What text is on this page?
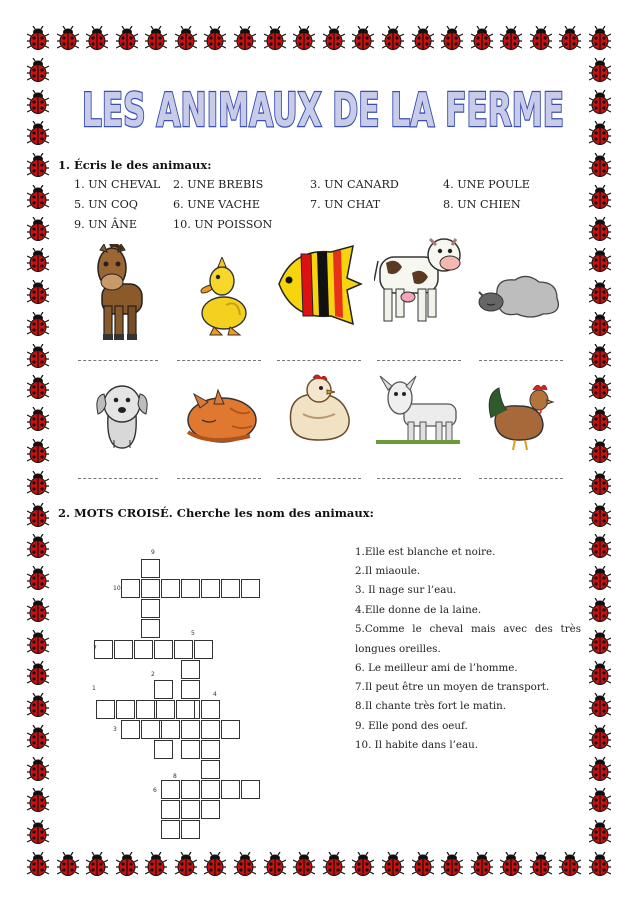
LES ANIMAUX DE LA FERME
1. Écris le des animaux:
1. UN CHEVAL 2. UNE BREBIS	3. UN CANARD	4. UNE POULE
5. UN COQ	6. UNE VACHE	7. UN CHAT	8. UN CHIEN
9. UN ÂNE	10. UN POISSON
2. MOTS CROISÉ. Cherche les nom des animaux:
9
10
5
7
2
1
4
3
8
6
1.Elle est blanche et noire.
2.Il miaoule.
3. Il nage sur l’eau.
4.Elle donne de la laine.
5.Comme le cheval mais avec des très
longues oreilles.
6. Le meilleur ami de l’homme.
7.Il peut être un moyen de transport.
8.Il chante très fort le matin.
9. Elle pond des oeuf.
10. Il habite dans l’eau.
